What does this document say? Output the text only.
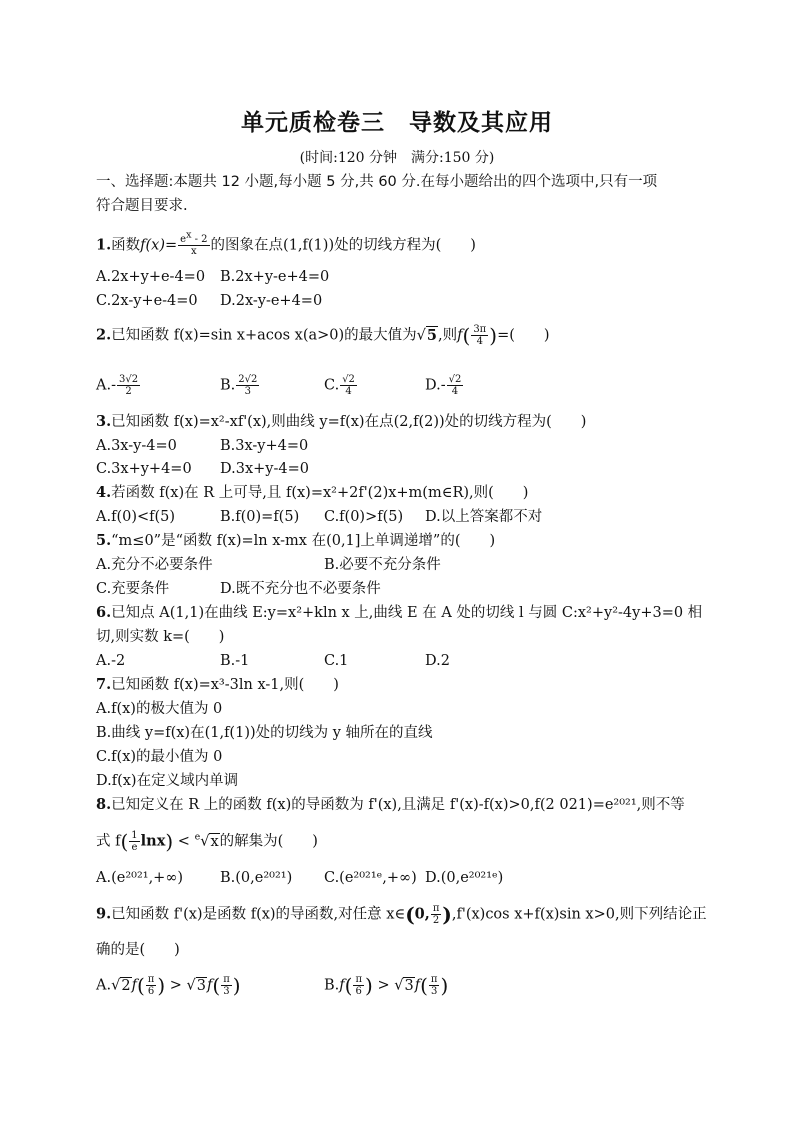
单元质检卷三　导数及其应用
(时间:120 分钟　满分:150 分)
一、选择题:本题共 12 小题,每小题 5 分,共 60 分.在每小题给出的四个选项中,只有一项
符合题目要求.
1.函数$f(x)= \frac{ex - 2}{x}$ 的图象在点(1,f(1))处的切线方程为(　　)
A.2x+y+e-4=0 B.2x+y-e+4=0
C.2x-y+e-4=0 D.2x-y-e+4=0
2.已知函数 f(x)=sin x+acos x(a>0)的最大值为√5,则$f( \frac{3\pi}{4}$ )=(　　)
$A.- \frac{3√2}{2}$	B. $\frac{2√2}{3}$	C. $\frac{√2}{4}$	$D.- \frac{√2}{4}$
3.已知函数 f(x)=x²-xf'(x),则曲线 y=f(x)在点(2,f(2))处的切线方程为(　　)
A.3x-y-4=0	B.3x-y+4=0
C.3x+y+4=0 D.3x+y-4=0
4.若函数 f(x)在 R 上可导,且 f(x)=x²+2f'(2)x+m(m∈R),则(　　)
A.f(0)<f(5)	B.f(0)=f(5) C.f(0)>f(5) D.以上答案都不对
5.“m≤0”是“函数 f(x)=ln x-mx 在(0,1]上单调递增”的(　　)
A.充分不必要条件	B.必要不充分条件
C.充要条件	D.既不充分也不必要条件
6.已知点 A(1,1)在曲线 E:y=x²+kln x 上,曲线 E 在 A 处的切线 l 与圆 C:x²+y²-4y+3=0 相
切,则实数 k=(　　)
A.-2	B.-1	C.1	D.2
7.已知函数 f(x)=x³-3ln x-1,则(　　)
A.f(x)的极大值为 0
B.曲线 y=f(x)在(1,f(1))处的切线为 y 轴所在的直线
C.f(x)的最小值为 0
D.f(x)在定义域内单调
8.已知定义在 R 上的函数 f(x)的导函数为 f'(x),且满足 f'(x)-f(x)>0,f(2 021)=e²⁰²¹,则不等
式 $f( \frac{1}{e} \ln x) < ^e√x$的解集为(　　)
A.(e²⁰²¹,+∞)	B.(0,e²⁰²¹) C.(e²⁰²¹ᵉ,+∞) D.(0,e²⁰²¹ᵉ)
9.已知函数 f'(x)是函数 f(x)的导函数,对任意 x∈(0, $\frac{\pi}{2} ),f'(x)\cos$ x+f(x)sin x>0,则下列结论正
确的是(　　)
$A.√2f( \frac{\pi}{6}$ ) > $√3f( \frac{\pi}{3}$ )	$B.f( \frac{\pi}{6}$ ) > $√3f( \frac{\pi}{3}$ )
